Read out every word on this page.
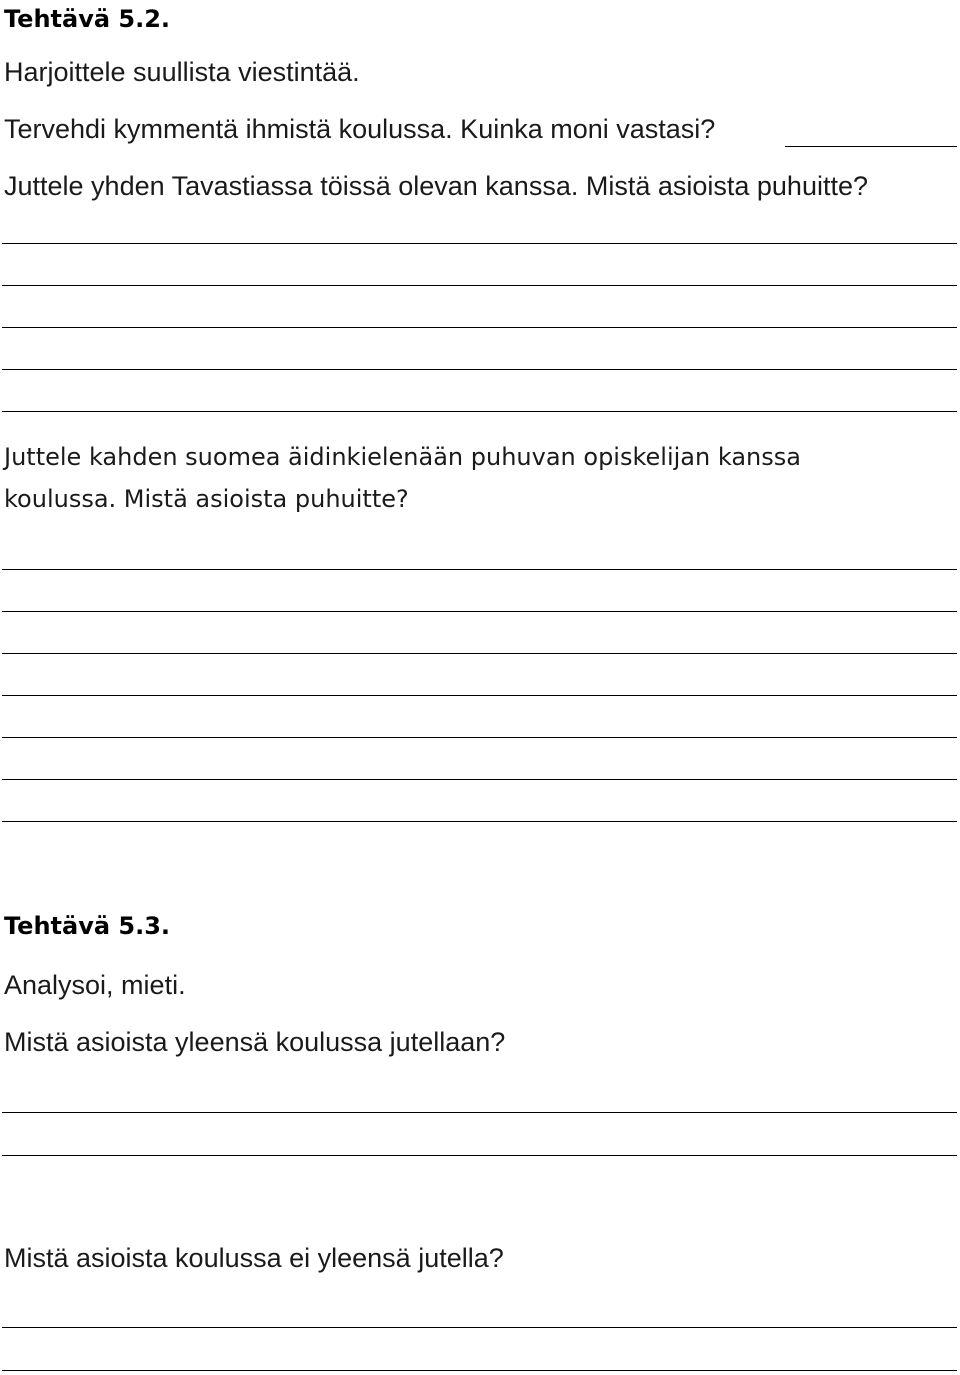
Tehtävä 5.2.
Harjoittele suullista viestintää.
Tervehdi kymmentä ihmistä koulussa. Kuinka moni vastasi?
Juttele yhden Tavastiassa töissä olevan kanssa. Mistä asioista puhuitte?
Juttele kahden suomea äidinkielenään puhuvan opiskelijan kanssa
koulussa. Mistä asioista puhuitte?
Tehtävä 5.3.
Analysoi, mieti.
Mistä asioista yleensä koulussa jutellaan?
Mistä asioista koulussa ei yleensä jutella?
